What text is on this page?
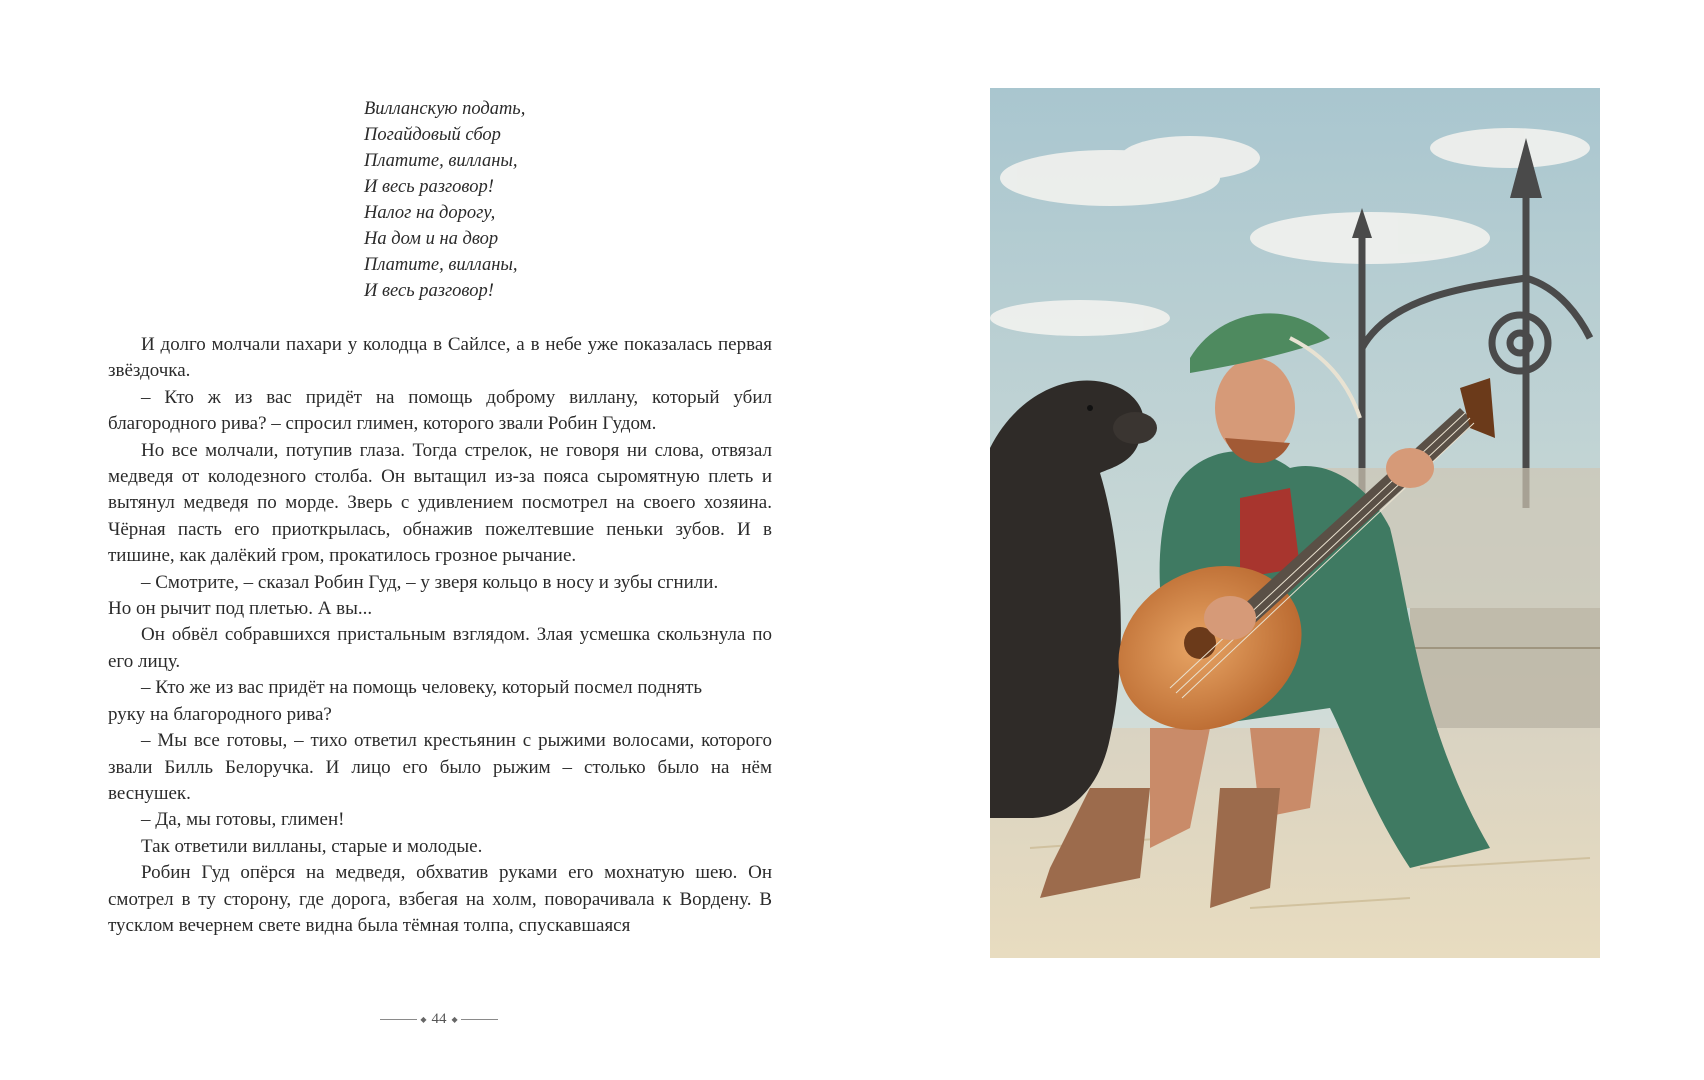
Вилланскую подать,
Погайдовый сбор
Платите, вилланы,
И весь разговор!
Налог на дорогу,
На дом и на двор
Платите, вилланы,
И весь разговор!

И долго молчали пахари у колодца в Сайлсе, а в небе уже показалась первая звёздочка.

– Кто ж из вас придёт на помощь доброму виллану, который убил благородного рива? – спросил глимен, которого звали Робин Гудом.

Но все молчали, потупив глаза. Тогда стрелок, не говоря ни слова, отвязал медведя от колодезного столба. Он вытащил из-за пояса сыромятную плеть и вытянул медведя по морде. Зверь с удивлением посмотрел на своего хозяина. Чёрная пасть его приоткрылась, обнажив пожелтевшие пеньки зубов. И в тишине, как далёкий гром, прокатилось грозное рычание.

– Смотрите, – сказал Робин Гуд, – у зверя кольцо в носу и зубы сгнили.

Но он рычит под плетью. А вы...

Он обвёл собравшихся пристальным взглядом. Злая усмешка скользнула по его лицу.

– Кто же из вас придёт на помощь человеку, который посмел поднять

руку на благородного рива?

– Мы все готовы, – тихо ответил крестьянин с рыжими волосами, которого звали Билль Белоручка. И лицо его было рыжим – столько было на нём веснушек.

– Да, мы готовы, глимен!

Так ответили вилланы, старые и молодые.

Робин Гуд опёрся на медведя, обхватив руками его мохнатую шею. Он смотрел в ту сторону, где дорога, взбегая на холм, поворачивала к Вордену. В тусклом вечернем свете видна была тёмная толпа, спускавшаяся

◆ 44 ◆
